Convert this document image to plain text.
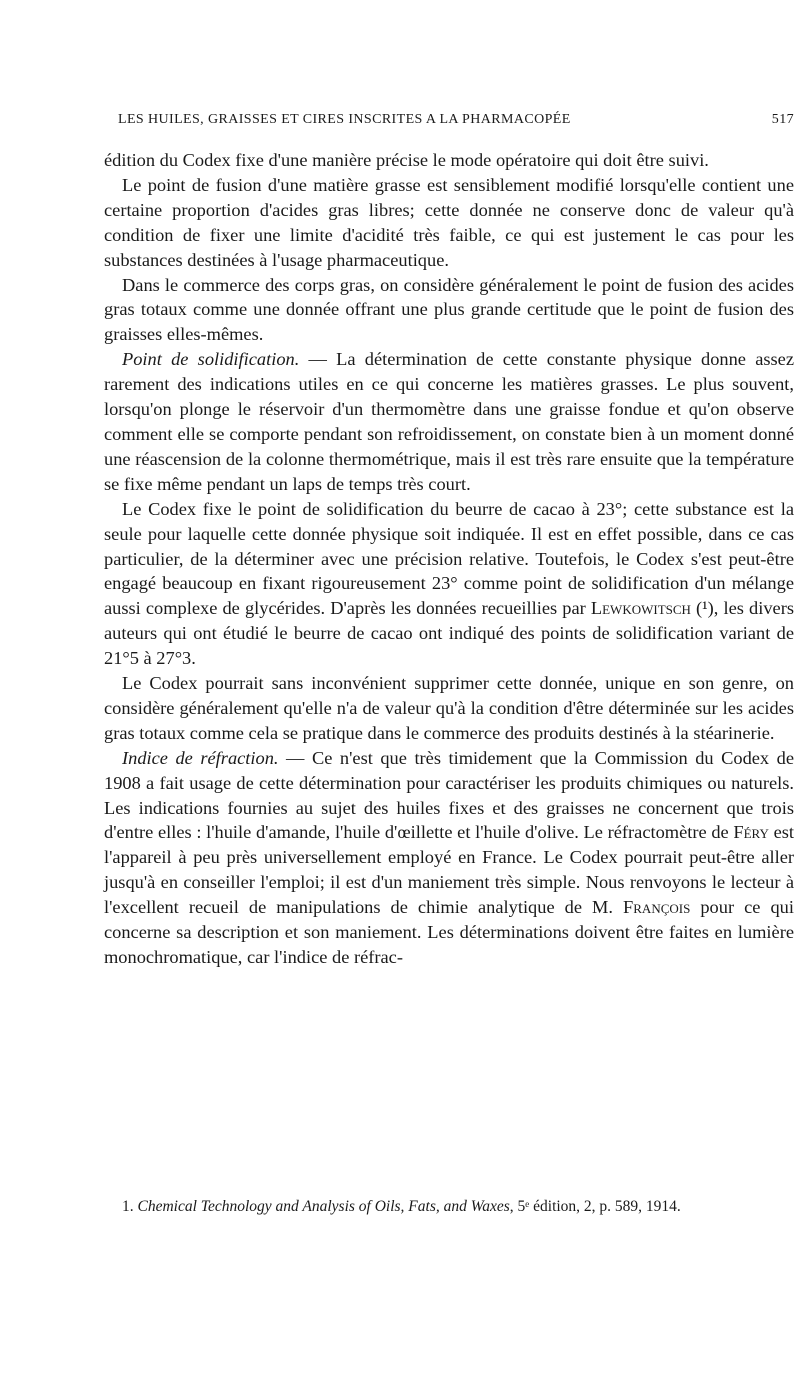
LES HUILES, GRAISSES ET CIRES INSCRITES A LA PHARMACOPÉE	517

édition du Codex fixe d'une manière précise le mode opératoire qui doit être suivi.

Le point de fusion d'une matière grasse est sensiblement modifié lorsqu'elle contient une certaine proportion d'acides gras libres; cette donnée ne conserve donc de valeur qu'à condition de fixer une limite d'acidité très faible, ce qui est justement le cas pour les substances destinées à l'usage pharmaceutique.

Dans le commerce des corps gras, on considère généralement le point de fusion des acides gras totaux comme une donnée offrant une plus grande certitude que le point de fusion des graisses elles-mêmes.

Point de solidification. — La détermination de cette constante physique donne assez rarement des indications utiles en ce qui concerne les matières grasses. Le plus souvent, lorsqu'on plonge le réservoir d'un thermomètre dans une graisse fondue et qu'on observe comment elle se comporte pendant son refroidissement, on constate bien à un moment donné une réascension de la colonne thermométrique, mais il est très rare ensuite que la température se fixe même pendant un laps de temps très court.

Le Codex fixe le point de solidification du beurre de cacao à 23°; cette substance est la seule pour laquelle cette donnée physique soit indiquée. Il est en effet possible, dans ce cas particulier, de la déterminer avec une précision relative. Toutefois, le Codex s'est peut-être engagé beaucoup en fixant rigoureusement 23° comme point de solidification d'un mélange aussi complexe de glycérides. D'après les données recueillies par Lewkowitsch (¹), les divers auteurs qui ont étudié le beurre de cacao ont indiqué des points de solidification variant de 21°5 à 27°3.

Le Codex pourrait sans inconvénient supprimer cette donnée, unique en son genre, on considère généralement qu'elle n'a de valeur qu'à la condition d'être déterminée sur les acides gras totaux comme cela se pratique dans le commerce des produits destinés à la stéarinerie.

Indice de réfraction. — Ce n'est que très timidement que la Commission du Codex de 1908 a fait usage de cette détermination pour caractériser les produits chimiques ou naturels. Les indications fournies au sujet des huiles fixes et des graisses ne concernent que trois d'entre elles : l'huile d'amande, l'huile d'œillette et l'huile d'olive. Le réfractomètre de Féry est l'appareil à peu près universellement employé en France. Le Codex pourrait peut-être aller jusqu'à en conseiller l'emploi; il est d'un maniement très simple. Nous renvoyons le lecteur à l'excellent recueil de manipulations de chimie analytique de M. François pour ce qui concerne sa description et son maniement. Les déterminations doivent être faites en lumière monochromatique, car l'indice de réfrac-

1. Chemical Technology and Analysis of Oils, Fats, and Waxes, 5ᵉ édition, 2, p. 589, 1914.
